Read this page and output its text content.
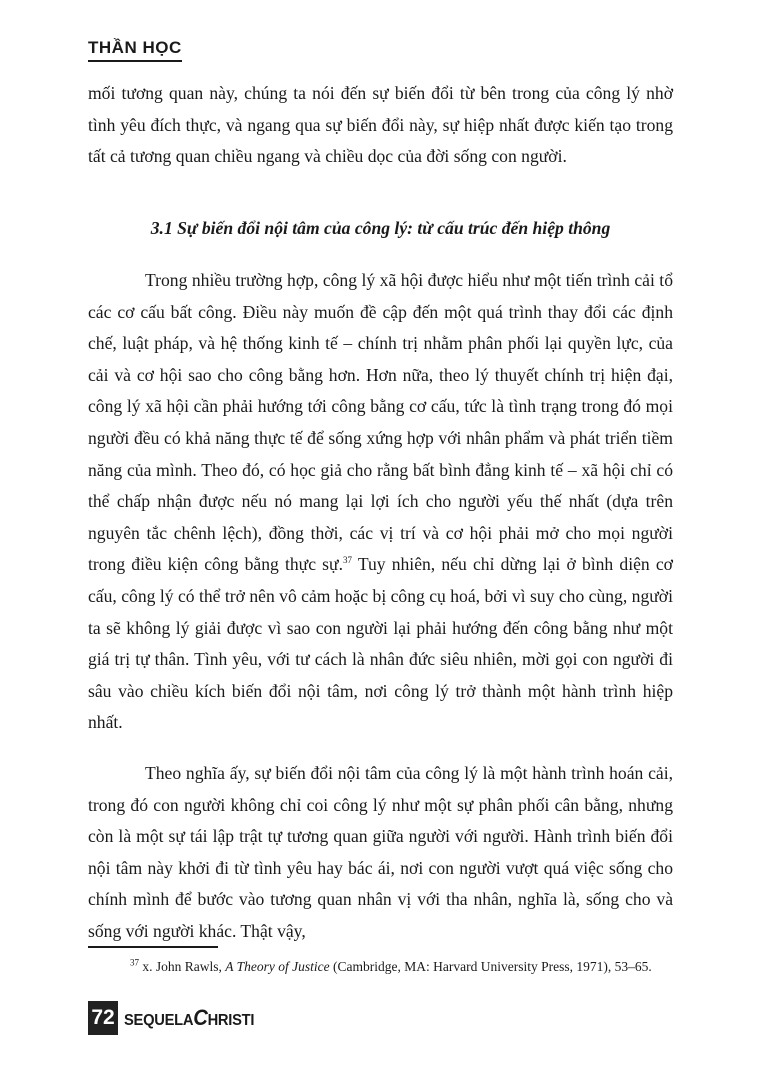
THẦN HỌC

mối tương quan này, chúng ta nói đến sự biến đổi từ bên trong của công lý nhờ tình yêu đích thực, và ngang qua sự biến đổi này, sự hiệp nhất được kiến tạo trong tất cả tương quan chiều ngang và chiều dọc của đời sống con người.

3.1 Sự biến đổi nội tâm của công lý: từ cấu trúc đến hiệp thông

Trong nhiều trường hợp, công lý xã hội được hiểu như một tiến trình cải tổ các cơ cấu bất công. Điều này muốn đề cập đến một quá trình thay đổi các định chế, luật pháp, và hệ thống kinh tế – chính trị nhằm phân phối lại quyền lực, của cải và cơ hội sao cho công bằng hơn. Hơn nữa, theo lý thuyết chính trị hiện đại, công lý xã hội cần phải hướng tới công bằng cơ cấu, tức là tình trạng trong đó mọi người đều có khả năng thực tế để sống xứng hợp với nhân phẩm và phát triển tiềm năng của mình. Theo đó, có học giả cho rằng bất bình đẳng kinh tế – xã hội chỉ có thể chấp nhận được nếu nó mang lại lợi ích cho người yếu thế nhất (dựa trên nguyên tắc chênh lệch), đồng thời, các vị trí và cơ hội phải mở cho mọi người trong điều kiện công bằng thực sự.$^{37}$ Tuy nhiên, nếu chỉ dừng lại ở bình diện cơ cấu, công lý có thể trở nên vô cảm hoặc bị công cụ hoá, bởi vì suy cho cùng, người ta sẽ không lý giải được vì sao con người lại phải hướng đến công bằng như một giá trị tự thân. Tình yêu, với tư cách là nhân đức siêu nhiên, mời gọi con người đi sâu vào chiều kích biến đổi nội tâm, nơi công lý trở thành một hành trình hiệp nhất.

Theo nghĩa ấy, sự biến đổi nội tâm của công lý là một hành trình hoán cải, trong đó con người không chỉ coi công lý như một sự phân phối cân bằng, nhưng còn là một sự tái lập trật tự tương quan giữa người với người. Hành trình biến đổi nội tâm này khởi đi từ tình yêu hay bác ái, nơi con người vượt quá việc sống cho chính mình để bước vào tương quan nhân vị với tha nhân, nghĩa là, sống cho và sống với người khác. Thật vậy,

$^{37}$ x. John Rawls, A Theory of Justice (Cambridge, MA: Harvard University Press, 1971), 53–65.

72 SEQUELACHRISTI
